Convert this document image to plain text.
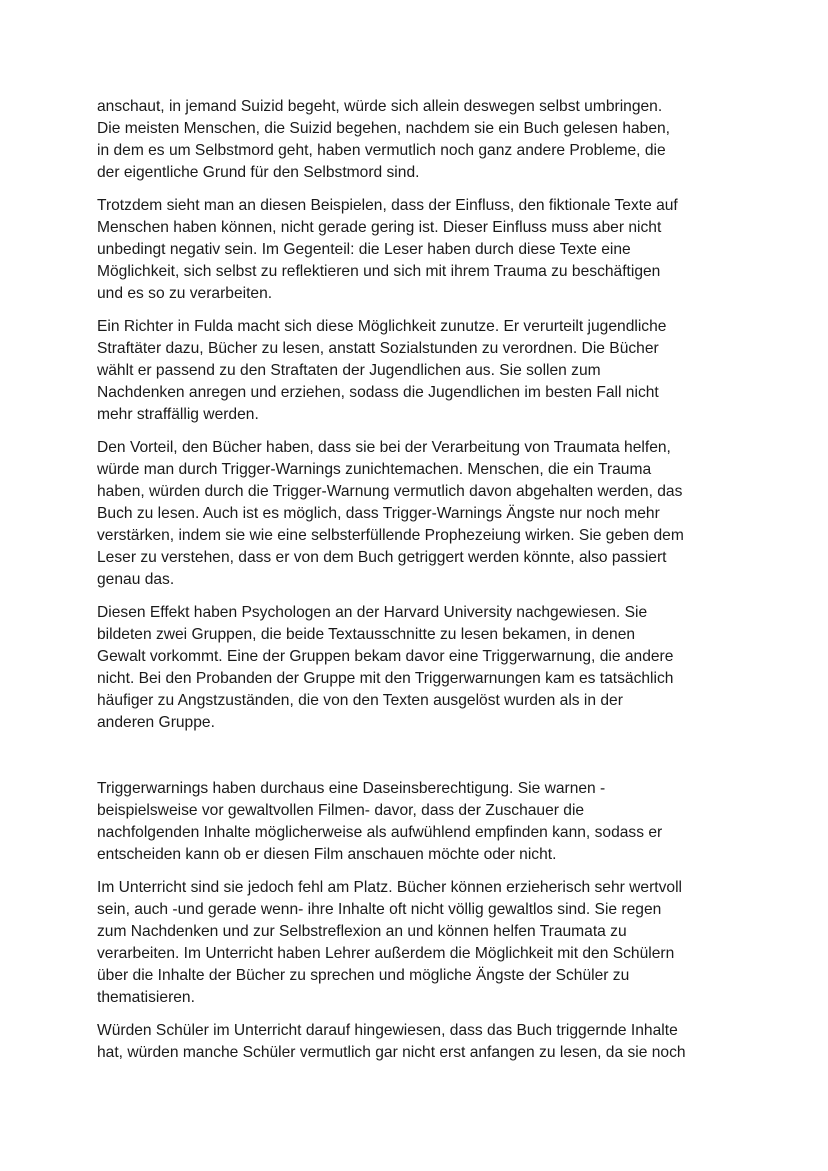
anschaut, in jemand Suizid begeht, würde sich allein deswegen selbst umbringen.
Die meisten Menschen, die Suizid begehen, nachdem sie ein Buch gelesen haben,
in dem es um Selbstmord geht, haben vermutlich noch ganz andere Probleme, die
der eigentliche Grund für den Selbstmord sind.

Trotzdem sieht man an diesen Beispielen, dass der Einfluss, den fiktionale Texte auf
Menschen haben können, nicht gerade gering ist. Dieser Einfluss muss aber nicht
unbedingt negativ sein. Im Gegenteil: die Leser haben durch diese Texte eine
Möglichkeit, sich selbst zu reflektieren und sich mit ihrem Trauma zu beschäftigen
und es so zu verarbeiten.

Ein Richter in Fulda macht sich diese Möglichkeit zunutze. Er verurteilt jugendliche
Straftäter dazu, Bücher zu lesen, anstatt Sozialstunden zu verordnen. Die Bücher
wählt er passend zu den Straftaten der Jugendlichen aus. Sie sollen zum
Nachdenken anregen und erziehen, sodass die Jugendlichen im besten Fall nicht
mehr straffällig werden.

Den Vorteil, den Bücher haben, dass sie bei der Verarbeitung von Traumata helfen,
würde man durch Trigger-Warnings zunichtemachen. Menschen, die ein Trauma
haben, würden durch die Trigger-Warnung vermutlich davon abgehalten werden, das
Buch zu lesen. Auch ist es möglich, dass Trigger-Warnings Ängste nur noch mehr
verstärken, indem sie wie eine selbsterfüllende Prophezeiung wirken. Sie geben dem
Leser zu verstehen, dass er von dem Buch getriggert werden könnte, also passiert
genau das.

Diesen Effekt haben Psychologen an der Harvard University nachgewiesen. Sie
bildeten zwei Gruppen, die beide Textausschnitte zu lesen bekamen, in denen
Gewalt vorkommt. Eine der Gruppen bekam davor eine Triggerwarnung, die andere
nicht. Bei den Probanden der Gruppe mit den Triggerwarnungen kam es tatsächlich
häufiger zu Angstzuständen, die von den Texten ausgelöst wurden als in der
anderen Gruppe.

Triggerwarnings haben durchaus eine Daseinsberechtigung. Sie warnen -
beispielsweise vor gewaltvollen Filmen- davor, dass der Zuschauer die
nachfolgenden Inhalte möglicherweise als aufwühlend empfinden kann, sodass er
entscheiden kann ob er diesen Film anschauen möchte oder nicht.

Im Unterricht sind sie jedoch fehl am Platz. Bücher können erzieherisch sehr wertvoll
sein, auch -und gerade wenn- ihre Inhalte oft nicht völlig gewaltlos sind. Sie regen
zum Nachdenken und zur Selbstreflexion an und können helfen Traumata zu
verarbeiten. Im Unterricht haben Lehrer außerdem die Möglichkeit mit den Schülern
über die Inhalte der Bücher zu sprechen und mögliche Ängste der Schüler zu
thematisieren.

Würden Schüler im Unterricht darauf hingewiesen, dass das Buch triggernde Inhalte
hat, würden manche Schüler vermutlich gar nicht erst anfangen zu lesen, da sie noch
